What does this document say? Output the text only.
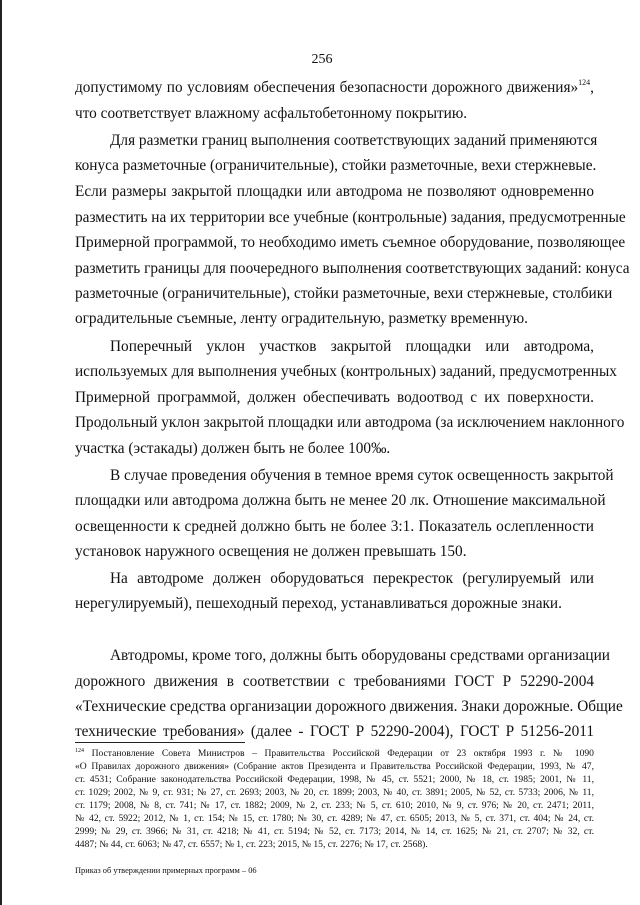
256
допустимому по условиям обеспечения безопасности дорожного движения»$^{124}$,
что соответствует влажному асфальтобетонному покрытию.
Для разметки границ выполнения соответствующих заданий применяются
конуса разметочные (ограничительные), стойки разметочные, вехи стержневые.
Если размеры закрытой площадки или автодрома не позволяют одновременно
разместить на их территории все учебные (контрольные) задания, предусмотренные
Примерной программой, то необходимо иметь съемное оборудование, позволяющее
разметить границы для поочередного выполнения соответствующих заданий: конуса
разметочные (ограничительные), стойки разметочные, вехи стержневые, столбики
оградительные съемные, ленту оградительную, разметку временную.
Поперечный уклон участков закрытой площадки или автодрома,
используемых для выполнения учебных (контрольных) заданий, предусмотренных
Примерной программой, должен обеспечивать водоотвод с их поверхности.
Продольный уклон закрытой площадки или автодрома (за исключением наклонного
участка (эстакады) должен быть не более 100‰.
В случае проведения обучения в темное время суток освещенность закрытой
площадки или автодрома должна быть не менее 20 лк. Отношение максимальной
освещенности к средней должно быть не более 3:1. Показатель ослепленности
установок наружного освещения не должен превышать 150.
На автодроме должен оборудоваться перекресток (регулируемый или
нерегулируемый), пешеходный переход, устанавливаться дорожные знаки.
Автодромы, кроме того, должны быть оборудованы средствами организации
дорожного движения в соответствии с требованиями ГОСТ Р 52290-2004
«Технические средства организации дорожного движения. Знаки дорожные. Общие
технические требования» (далее - ГОСТ Р 52290-2004), ГОСТ Р 51256-2011
$^{124}$ Постановление Совета Министров – Правительства Российской Федерации от 23 октября 1993 г. № 1090
«О Правилах дорожного движения» (Собрание актов Президента и Правительства Российской Федерации, 1993, № 47,
ст. 4531; Собрание законодательства Российской Федерации, 1998, № 45, ст. 5521; 2000, № 18, ст. 1985; 2001, № 11,
ст. 1029; 2002, № 9, ст. 931; № 27, ст. 2693; 2003, № 20, ст. 1899; 2003, № 40, ст. 3891; 2005, № 52, ст. 5733; 2006, № 11,
ст. 1179; 2008, № 8, ст. 741; № 17, ст. 1882; 2009, № 2, ст. 233; № 5, ст. 610; 2010, № 9, ст. 976; № 20, ст. 2471; 2011,
№ 42, ст. 5922; 2012, № 1, ст. 154; № 15, ст. 1780; № 30, ст. 4289; № 47, ст. 6505; 2013, № 5, ст. 371, ст. 404; № 24, ст.
2999; № 29, ст. 3966; № 31, ст. 4218; № 41, ст. 5194; № 52, ст. 7173; 2014, № 14, ст. 1625; № 21, ст. 2707; № 32, ст.
4487; № 44, ст. 6063; № 47, ст. 6557; № 1, ст. 223; 2015, № 15, ст. 2276; № 17, ст. 2568).
Приказ об утверждении примерных программ – 06
